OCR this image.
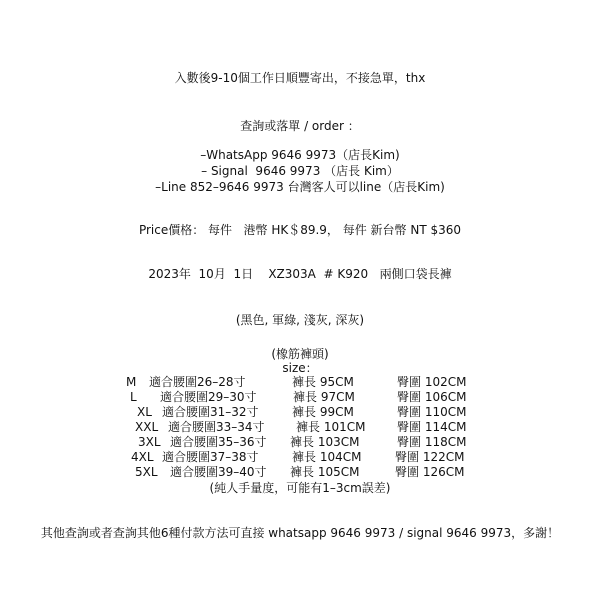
入數後9-10個工作日順豐寄出，不接急單，thx
查詢或落單 / order ：
–WhatsApp 9646 9973（店長Kim)
– Signal  9646 9973 （店長 Kim）
–Line 852–9646 9973 台灣客人可以line（店長Kim)
Price價格： 每件   港幣 HK＄89.9， 每件 新台幣 NT $360
2023年  10月  1日    XZ303A  # K920   兩側口袋長褲
(黑色, 軍綠, 淺灰, 深灰)
(橡筋褲頭)
size：
M 適合腰圍26–28寸	褲長 95CM	臀圍 102CM
L 適合腰圍29–30寸	褲長 97CM	臀圍 106CM
XL 適合腰圍31–32寸	褲長 99CM	臀圍 110CM
XXL 適合腰圍33–34寸	褲長 101CM	臀圍 114CM
3XL 適合腰圍35–36寸 褲長 103CM	臀圍 118CM
4XL 適合腰圍37–38寸	褲長 104CM	臀圍 122CM
5XL 適合腰圍39–40寸 褲長 105CM	臀圍 126CM
(純人手量度，可能有1–3cm誤差)
其他查詢或者查詢其他6種付款方法可直接 whatsapp 9646 9973 / signal 9646 9973，多謝！
